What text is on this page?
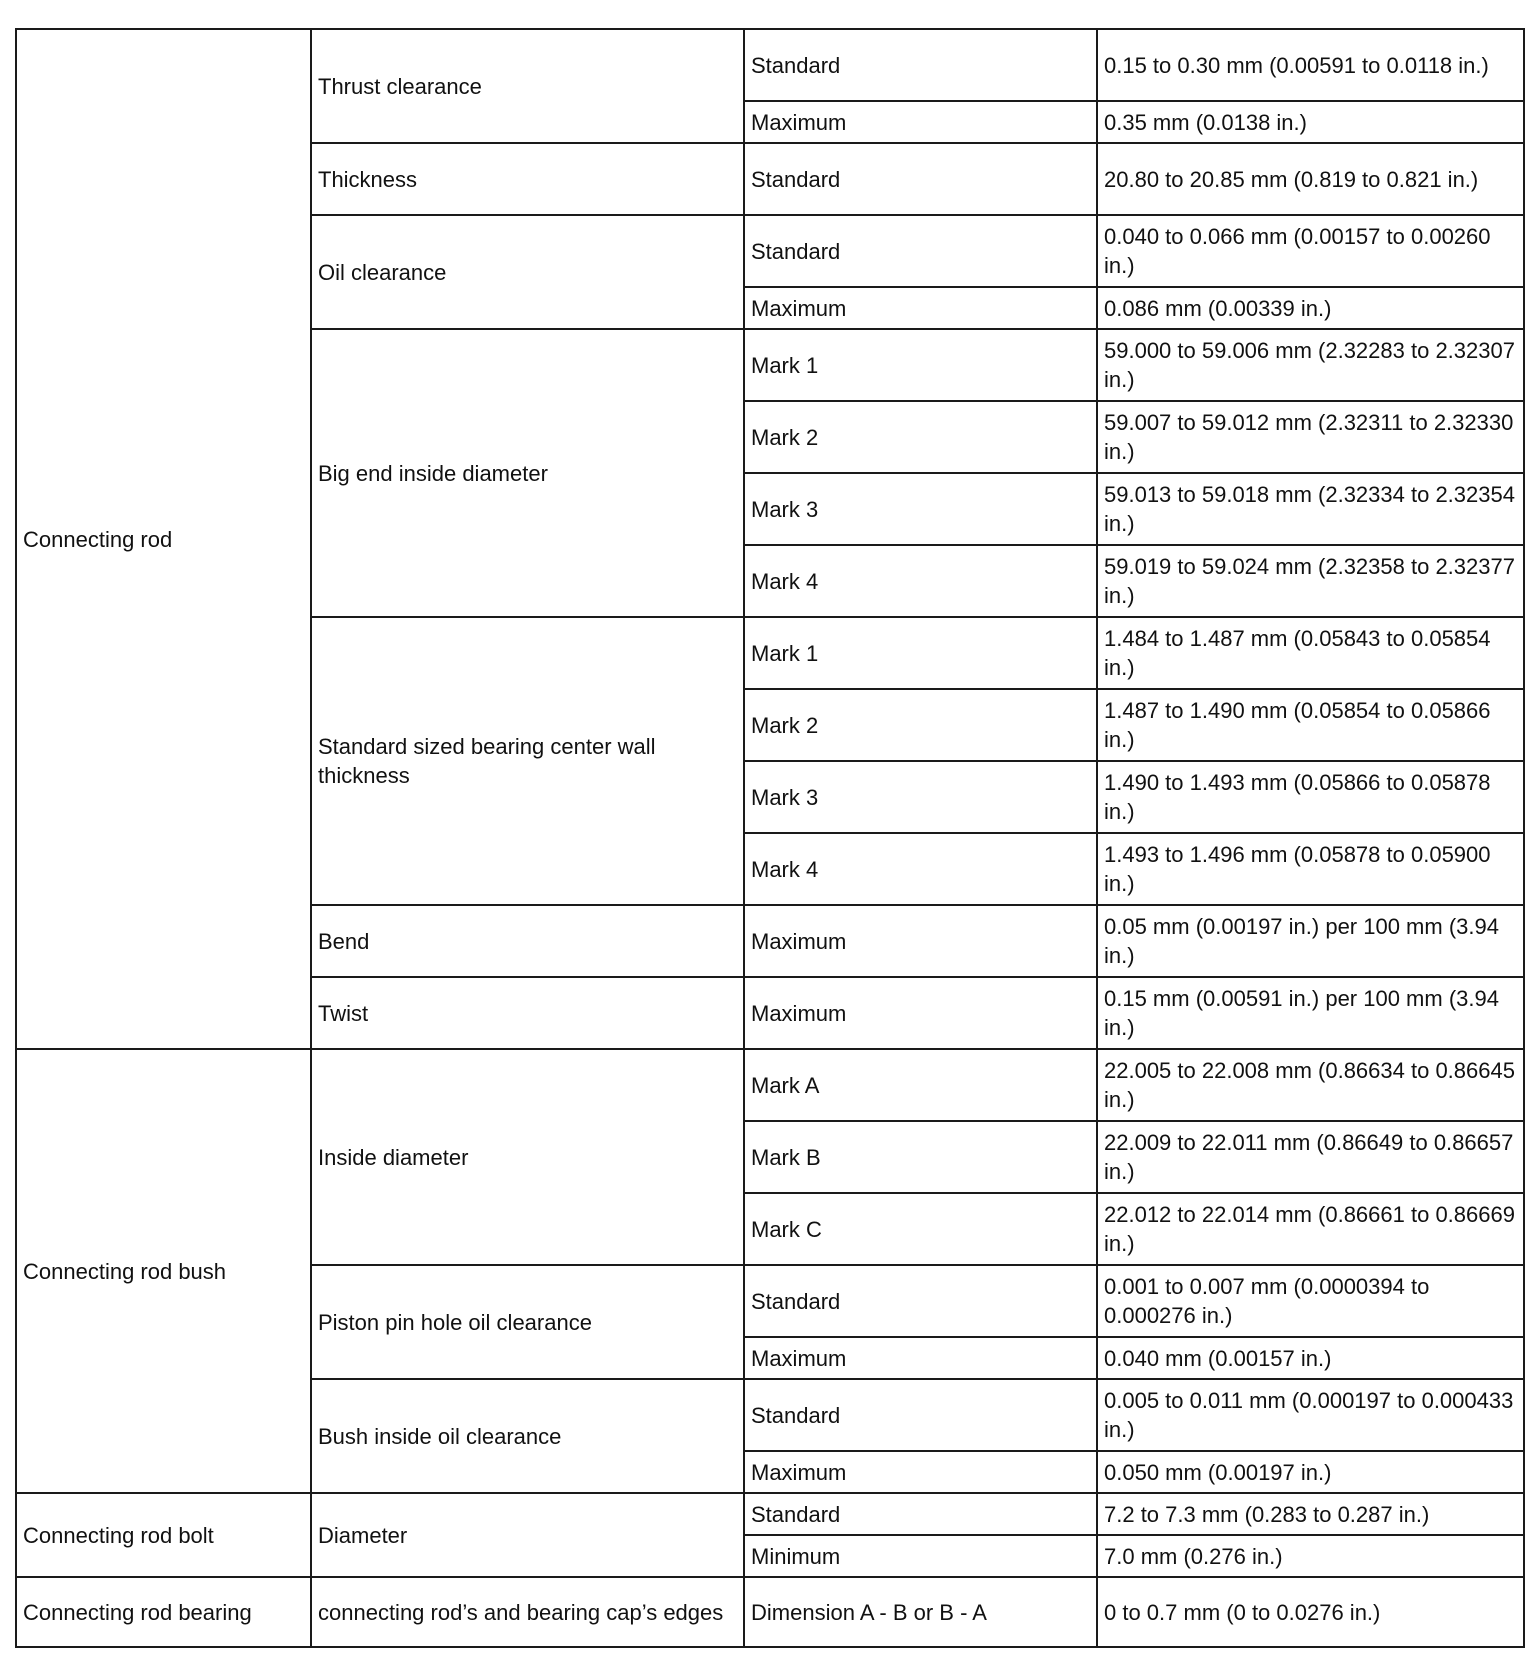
Connecting rod	Thrust clearance	Standard	0.15 to 0.30 mm (0.00591 to 0.0118 in.)
		Maximum	0.35 mm (0.0138 in.)
	Thickness	Standard	20.80 to 20.85 mm (0.819 to 0.821 in.)
	Oil clearance	Standard	0.040 to 0.066 mm (0.00157 to 0.00260 in.)
		Maximum	0.086 mm (0.00339 in.)
	Big end inside diameter	Mark 1	59.000 to 59.006 mm (2.32283 to 2.32307 in.)
		Mark 2	59.007 to 59.012 mm (2.32311 to 2.32330 in.)
		Mark 3	59.013 to 59.018 mm (2.32334 to 2.32354 in.)
		Mark 4	59.019 to 59.024 mm (2.32358 to 2.32377 in.)
	Standard sized bearing center wall thickness	Mark 1	1.484 to 1.487 mm (0.05843 to 0.05854 in.)
		Mark 2	1.487 to 1.490 mm (0.05854 to 0.05866 in.)
		Mark 3	1.490 to 1.493 mm (0.05866 to 0.05878 in.)
		Mark 4	1.493 to 1.496 mm (0.05878 to 0.05900 in.)
	Bend	Maximum	0.05 mm (0.00197 in.) per 100 mm (3.94 in.)
	Twist	Maximum	0.15 mm (0.00591 in.) per 100 mm (3.94 in.)
Connecting rod bush	Inside diameter	Mark A	22.005 to 22.008 mm (0.86634 to 0.86645 in.)
		Mark B	22.009 to 22.011 mm (0.86649 to 0.86657 in.)
		Mark C	22.012 to 22.014 mm (0.86661 to 0.86669 in.)
	Piston pin hole oil clearance	Standard	0.001 to 0.007 mm (0.0000394 to 0.000276 in.)
		Maximum	0.040 mm (0.00157 in.)
	Bush inside oil clearance	Standard	0.005 to 0.011 mm (0.000197 to 0.000433 in.)
		Maximum	0.050 mm (0.00197 in.)
Connecting rod bolt	Diameter	Standard	7.2 to 7.3 mm (0.283 to 0.287 in.)
		Minimum	7.0 mm (0.276 in.)
Connecting rod bearing	connecting rod’s and bearing cap’s edges	Dimension A - B or B - A	0 to 0.7 mm (0 to 0.0276 in.)
